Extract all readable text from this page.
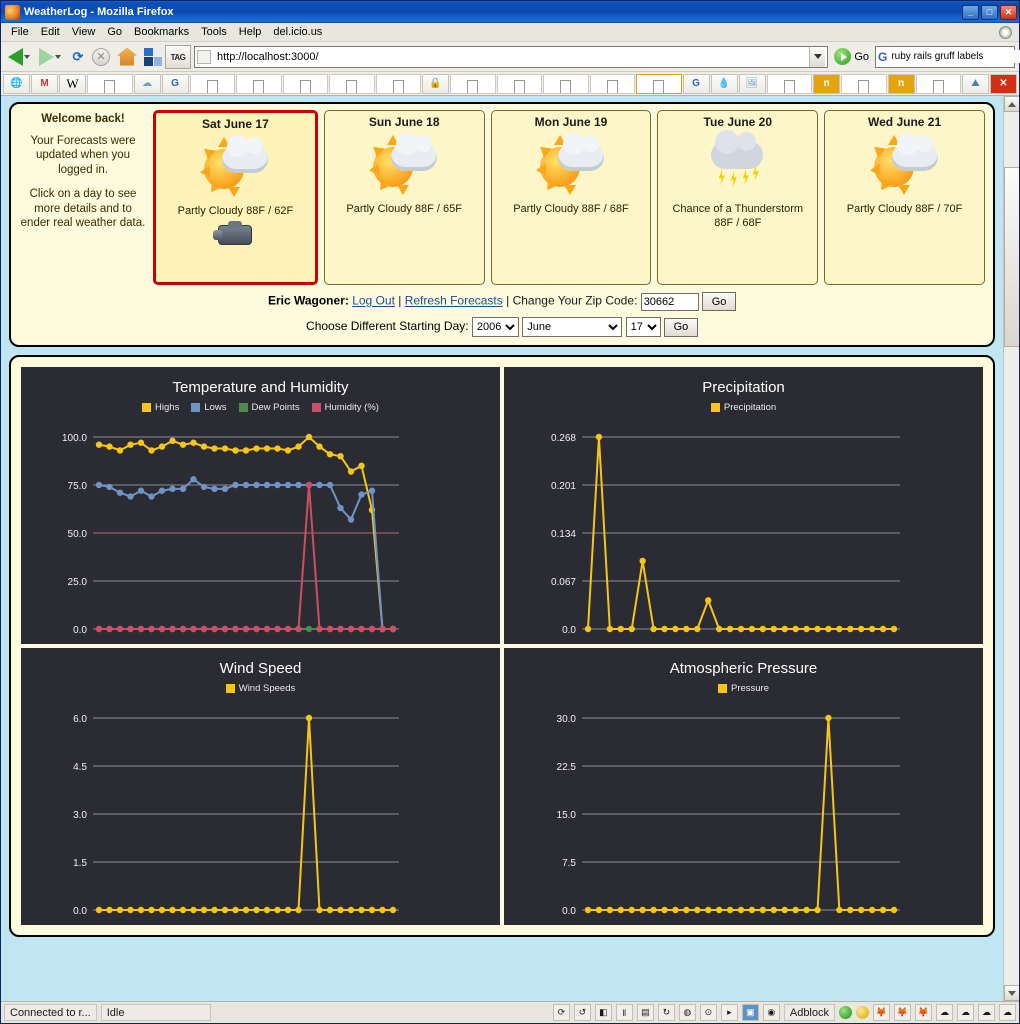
WeatherLog - Mozilla Firefox	_	□	✕
File	Edit	View	Go	Bookmarks	Tools	Help	del.icio.us
⟳	✕	TAG
http://localhost:3000/	Go G
ruby rails gruff labels
🌐	M	W	☁	G	🔒	G	💧	🖼	n	n	⛰	✕
Welcome back!

Your Forecasts were updated when you logged in.

Click on a day to see more details and to ender real weather data.

Sat June 17
Partly Cloudy 88F / 62F
Sun June 18
Partly Cloudy 88F / 65F
Mon June 19
Partly Cloudy 88F / 68F
Tue June 20
Chance of a Thunderstorm 88F / 68F
Wed June 21
Partly Cloudy 88F / 70F
Eric Wagoner: Log Out | Refresh Forecasts | Change Your Zip Code: 30662	Go
Choose Different Starting Day:
2006
June
17	Go
Temperature and Humidity
Highs	Lows	Dew Points	Humidity (%)
100.0
75.0
50.0
25.0
0.0
Precipitation
Precipitation
0.268
0.201
0.134
0.067
0.0
Wind Speed
Wind Speeds
6.0
4.5
3.0
1.5
0.0
Atmospheric Pressure
Pressure
30.0
22.5
15.0
7.5
0.0
Connected to r...	Idle	⟳	↺	◧	‖	▤	↻	◍	⊙	▸	▣	◉	Adblock	🦊	🦊	🦊	☁	☁	☁	☁
